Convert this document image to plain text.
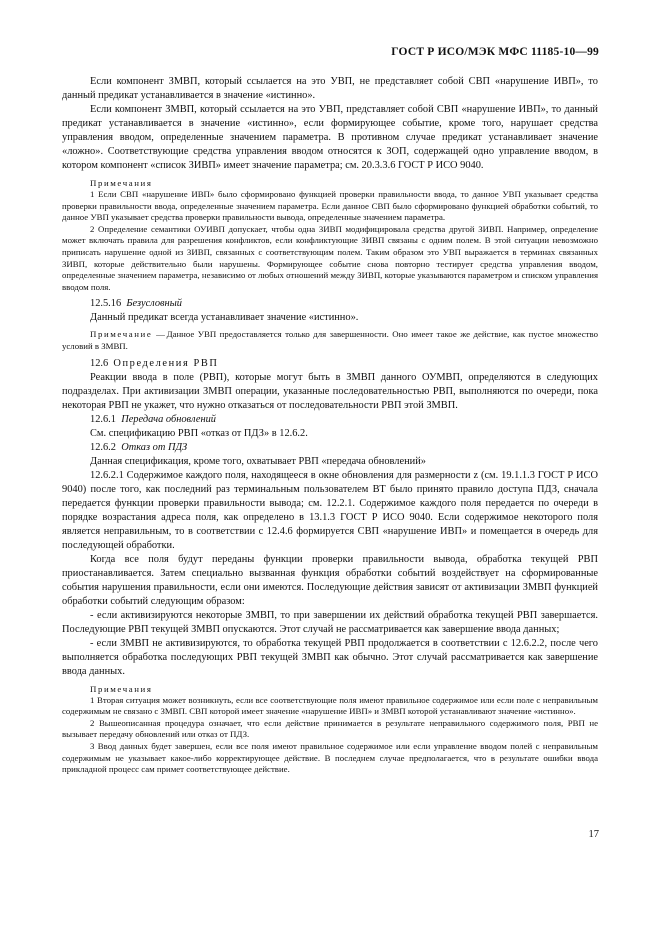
ГОСТ Р ИСО/МЭК МФС 11185-10—99

Если компонент ЗМВП, который ссылается на это УВП, не представляет собой СВП «нарушение ИВП», то данный предикат устанавливается в значение «истинно».

Если компонент ЗМВП, который ссылается на это УВП, представляет собой СВП «нарушение ИВП», то данный предикат устанавливается в значение «истинно», если формирующее событие, кроме того, нарушает средства управления вводом, определенные значением параметра. В противном случае предикат устанавливает значение «ложно». Соответствующие средства управления вводом относятся к ЗОП, содержащей одно управление вводом, в котором компонент «список ЗИВП» имеет значение параметра; см. 20.3.3.6 ГОСТ Р ИСО 9040.

Примечания

1 Если СВП «нарушение ИВП» было сформировано функцией проверки правильности ввода, то данное УВП указывает средства проверки правильности ввода, определенные значением параметра. Если данное СВП было сформировано функцией обработки событий, то данное УВП указывает средства проверки правильности вывода, определенные значением параметра.

2 Определение семантики ОУИВП допускает, чтобы одна ЗИВП модифицировала средства другой ЗИВП. Например, определение может включать правила для разрешения конфликтов, если конфликтующие ЗИВП связаны с одним полем. В этой ситуации невозможно приписать нарушение одной из ЗИВП, связанных с соответствующим полем. Таким образом это УВП выражается в терминах связанных ЗИВП, которые действительно были нарушены. Формирующее событие снова повторно тестирует средства управления вводом, определенные значением параметра, независимо от любых отношений между ЗИВП, которые указываются параметром и списком управления вводом поля.

12.5.16 Безусловный

Данный предикат всегда устанавливает значение «истинно».

Примечание —Данное УВП предоставляется только для завершенности. Оно имеет такое же действие, как пустое множество условий в ЗМВП.

12.6 Определения РВП

Реакции ввода в поле (РВП), которые могут быть в ЗМВП данного ОУМВП, определяются в следующих подразделах. При активизации ЗМВП операции, указанные последовательностью РВП, выполняются по очереди, пока некоторая РВП не укажет, что нужно отказаться от последовательности РВП этой ЗМВП.

12.6.1 Передача обновлений

См. спецификацию РВП «отказ от ПДЗ» в 12.6.2.

12.6.2 Отказ от ПДЗ

Данная спецификация, кроме того, охватывает РВП «передача обновлений»

12.6.2.1 Содержимое каждого поля, находящееся в окне обновления для размерности z (см. 19.1.1.3 ГОСТ Р ИСО 9040) после того, как последний раз терминальным пользователем ВТ было принято правило доступа ПДЗ, сначала передается функции проверки правильности вывода; см. 12.2.1. Содержимое каждого поля передается по очереди в порядке возрастания адреса поля, как определено в 13.1.3 ГОСТ Р ИСО 9040. Если содержимое некоторого поля является неправильным, то в соответствии с 12.4.6 формируется СВП «нарушение ИВП» и помещается в очередь для последующей обработки.

Когда все поля будут переданы функции проверки правильности вывода, обработка текущей РВП приостанавливается. Затем специально вызванная функция обработки событий воздействует на сформированные события нарушения правильности, если они имеются. Последующие действия зависят от активизации ЗМВП функцией обработки событий следующим образом:

- если активизируются некоторые ЗМВП, то при завершении их действий обработка текущей РВП завершается. Последующие РВП текущей ЗМВП опускаются. Этот случай не рассматривается как завершение ввода данных;

- если ЗМВП не активизируются, то обработка текущей РВП продолжается в соответствии с 12.6.2.2, после чего выполняется обработка последующих РВП текущей ЗМВП как обычно. Этот случай рассматривается как завершение ввода данных.

Примечания

1 Вторая ситуация может возникнуть, если все соответствующие поля имеют правильное содержимое или если поле с неправильным содержимым не связано с ЗМВП. СВП которой имеет значение «нарушение ИВП» и ЗМВП которой устанавливают значение «истинно».

2 Вышеописанная процедура означает, что если действие принимается в результате неправильного содержимого поля, РВП не вызывает передачу обновлений или отказ от ПДЗ.

3 Ввод данных будет завершен, если все поля имеют правильное содержимое или если управление вводом полей с неправильным содержимым не указывает какое-либо корректирующее действие. В последнем случае предполагается, что в результате ошибки ввода прикладной процесс сам примет соответствующее действие.

17
